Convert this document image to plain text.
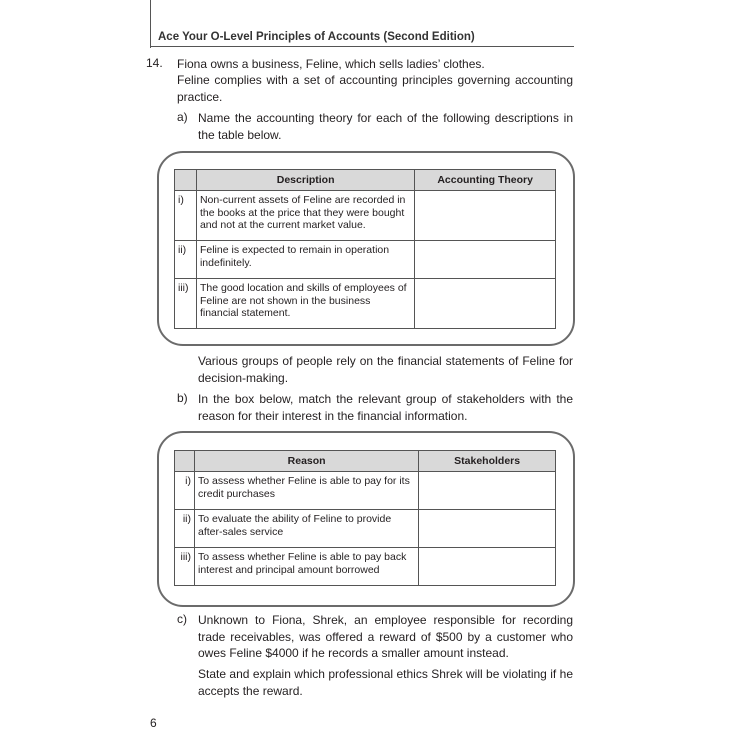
Ace Your O-Level Principles of Accounts (Second Edition)
14. Fiona owns a business, Feline, which sells ladies’ clothes.
Feline complies with a set of accounting principles governing accounting practice.
a) Name the accounting theory for each of the following descriptions in the table below.
	Description	Accounting Theory
i)	Non-current assets of Feline are recorded in the books at the price that they were bought and not at the current market value.	
ii)	Feline is expected to remain in operation indefinitely.	
iii)	The good location and skills of employees of Feline are not shown in the business financial statement.	
Various groups of people rely on the financial statements of Feline for decision-making.
b) In the box below, match the relevant group of stakeholders with the reason for their interest in the financial information.
	Reason	Stakeholders
i)	To assess whether Feline is able to pay for its credit purchases	
ii)	To evaluate the ability of Feline to provide after-sales service	
iii)	To assess whether Feline is able to pay back interest and principal amount borrowed	
c) Unknown to Fiona, Shrek, an employee responsible for recording trade receivables, was offered a reward of $500 by a customer who owes Feline $4000 if he records a smaller amount instead.
State and explain which professional ethics Shrek will be violating if he accepts the reward.
6
